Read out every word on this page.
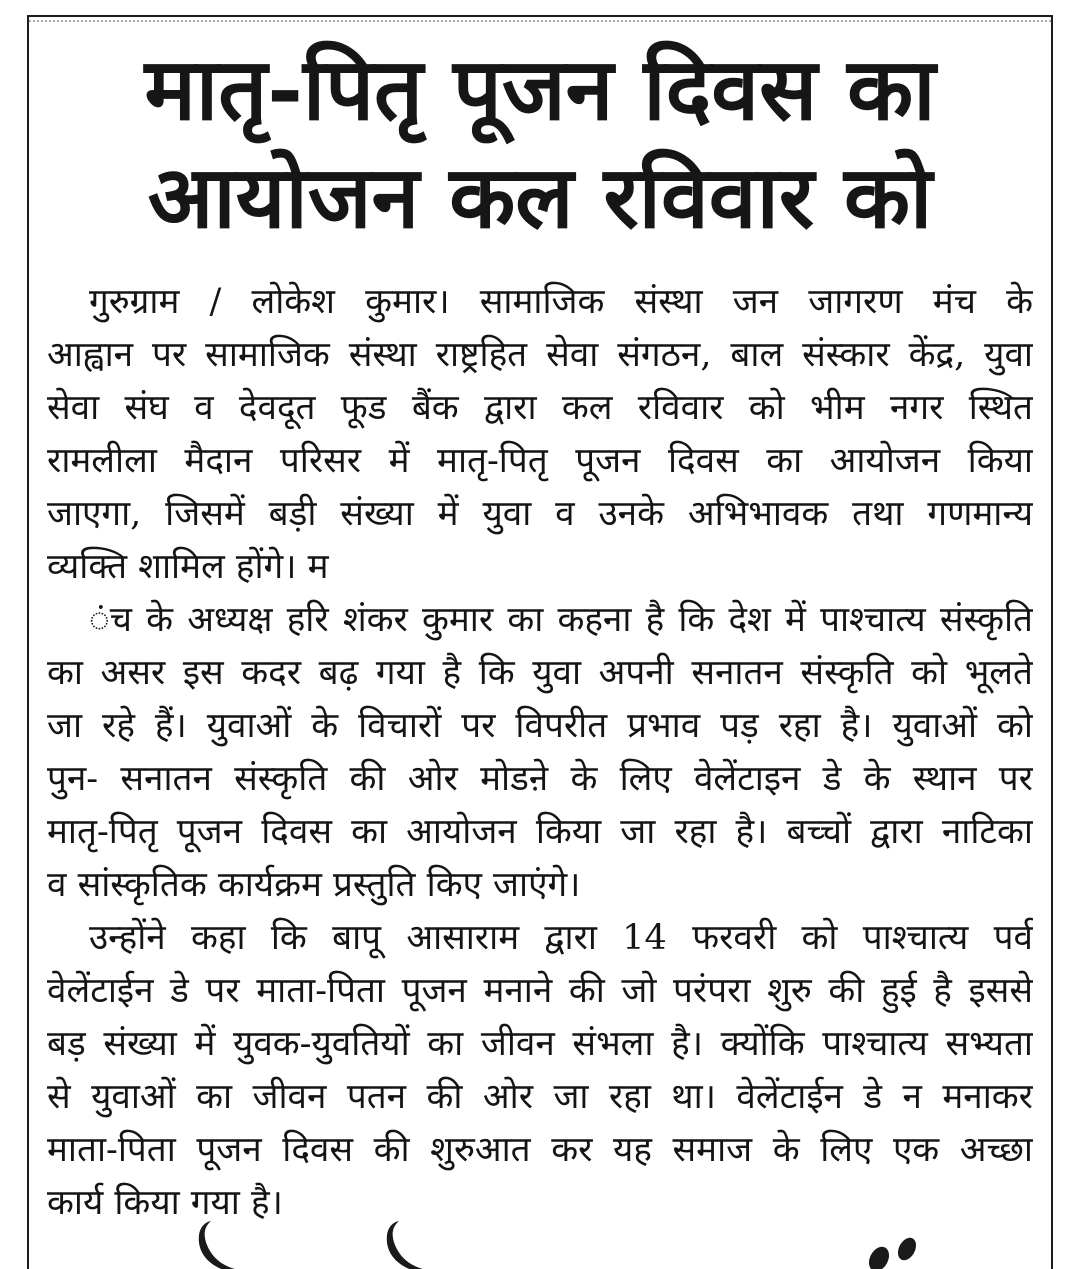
मातृ-पितृ पूजन दिवस का
आयोजन कल रविवार को
गुरुग्राम / लोकेश कुमार। सामाजिक संस्था जन जागरण मंच के
आह्वान पर सामाजिक संस्था राष्ट्रहित सेवा संगठन, बाल संस्कार केंद्र, युवा
सेवा संघ व देवदूत फूड बैंक द्वारा कल रविवार को भीम नगर स्थित
रामलीला मैदान परिसर में मातृ-पितृ पूजन दिवस का आयोजन किया
जाएगा, जिसमें बड़ी संख्या में युवा व उनके अभिभावक तथा गणमान्य
व्यक्ति शामिल होंगे। म
ंच के अध्यक्ष हरि शंकर कुमार का कहना है कि देश में पाश्चात्य संस्कृति
का असर इस कदर बढ़ गया है कि युवा अपनी सनातन संस्कृति को भूलते
जा रहे हैं। युवाओं के विचारों पर विपरीत प्रभाव पड़ रहा है। युवाओं को
पुन- सनातन संस्कृति की ओर मोडऩे के लिए वेलेंटाइन डे के स्थान पर
मातृ-पितृ पूजन दिवस का आयोजन किया जा रहा है। बच्चों द्वारा नाटिका
व सांस्कृतिक कार्यक्रम प्रस्तुति किए जाएंगे।
उन्होंने कहा कि बापू आसाराम द्वारा 14 फरवरी को पाश्चात्य पर्व
वेलेंटाईन डे पर माता-पिता पूजन मनाने की जो परंपरा शुरु की हुई है इससे
बड़ संख्या में युवक-युवतियों का जीवन संभला है। क्योंकि पाश्चात्य सभ्यता
से युवाओं का जीवन पतन की ओर जा रहा था। वेलेंटाईन डे न मनाकर
माता-पिता पूजन दिवस की शुरुआत कर यह समाज के लिए एक अच्छा
कार्य किया गया है।
